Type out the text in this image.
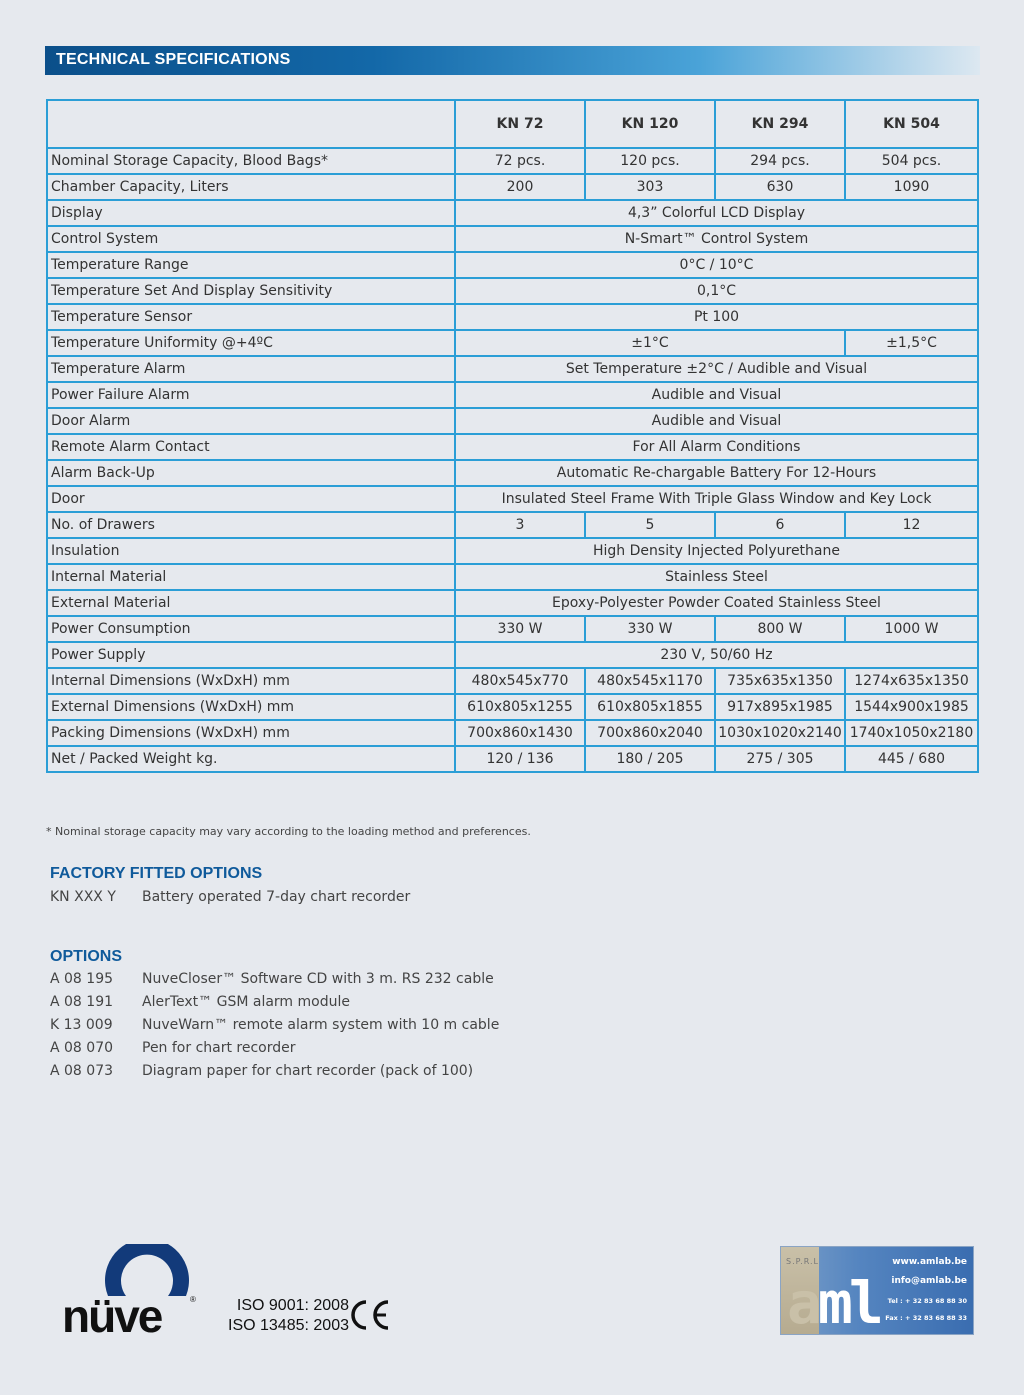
TECHNICAL SPECIFICATIONS
	KN 72	KN 120	KN 294	KN 504
Nominal Storage Capacity, Blood Bags*	72 pcs.	120 pcs.	294 pcs.	504 pcs.
Chamber Capacity, Liters	200	303	630	1090
Display	4,3” Colorful LCD Display			
Control System	N-Smart™ Control System			
Temperature Range	0°C / 10°C			
Temperature Set And Display Sensitivity	0,1°C			
Temperature Sensor	Pt 100			
Temperature Uniformity @+4ºC	±1°C			±1,5°C
Temperature Alarm	Set Temperature ±2°C / Audible and Visual			
Power Failure Alarm	Audible and Visual			
Door Alarm	Audible and Visual			
Remote Alarm Contact	For All Alarm Conditions			
Alarm Back-Up	Automatic Re-chargable Battery For 12-Hours			
Door	Insulated Steel Frame With Triple Glass Window and Key Lock			
No. of Drawers	3	5	6	12
Insulation	High Density Injected Polyurethane			
Internal Material	Stainless Steel			
External Material	Epoxy-Polyester Powder Coated Stainless Steel			
Power Consumption	330 W	330 W	800 W	1000 W
Power Supply	230 V, 50/60 Hz			
Internal Dimensions (WxDxH) mm	480x545x770	480x545x1170	735x635x1350	1274x635x1350
External Dimensions (WxDxH) mm	610x805x1255	610x805x1855	917x895x1985	1544x900x1985
Packing Dimensions (WxDxH) mm	700x860x1430	700x860x2040	1030x1020x2140	1740x1050x2180
Net / Packed Weight kg.	120 / 136	180 / 205	275 / 305	445 / 680
* Nominal storage capacity may vary according to the loading method and preferences.
FACTORY FITTED OPTIONS
KN XXX Y Battery operated 7-day chart recorder
OPTIONS
A 08 195 NuveCloser™ Software CD with 3 m. RS 232 cable
A 08 191 AlerText™ GSM alarm module
K 13 009 NuveWarn™ remote alarm system with 10 m cable
A 08 070 Pen for chart recorder
A 08 073 Diagram paper for chart recorder (pack of 100)
nüve	®	ISO 9001: 2008
ISO 13485: 2003
S.P.R.L
aml
www.amlab.be
info@amlab.be
Tel : + 32 83 68 88 30
Fax : + 32 83 68 88 33
